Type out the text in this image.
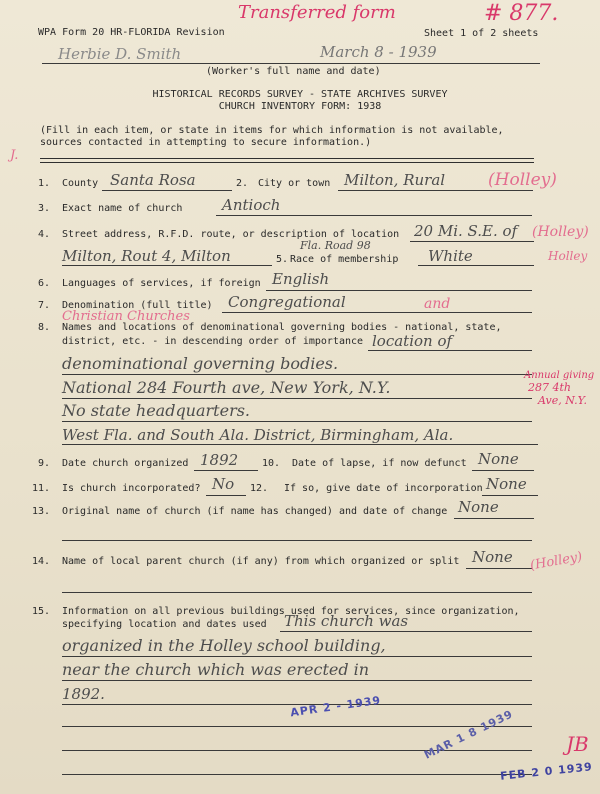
WPA Form 20 HR-FLORIDA Revision	Sheet 1 of 2 sheets
Transferred form	# 877.
Herbie D. Smith	March 8 - 1939
(Worker's full name and date)
HISTORICAL RECORDS SURVEY - STATE ARCHIVES SURVEY
CHURCH INVENTORY FORM: 1938
(Fill in each item, or state in items for which information is not available,
sources contacted in attempting to secure information.)
J.
1. County Santa Rosa	2. City or town Milton, Rural	(Holley)
3. Exact name of church	Antioch
4. Street address, R.F.D. route, or description of location 20 Mi. S.E. of (Holley)
Fla. Road 98
Milton, Rout 4, Milton	5. Race of membership White	Holley
6. Languages of services, if foreign English
7. Denomination (full title) Congregational	and
Christian Churches
8. Names and locations of denominational governing bodies - national, state,
district, etc. - in descending order of importance location of
denominational governing bodies.
National 284 Fourth ave, New York, N.Y.
No state headquarters.
West Fla. and South Ala. District, Birmingham, Ala.
Annual giving
287 4th
Ave, N.Y.
9. Date church organized 1892 10. Date of lapse, if now defunct None
11. Is church incorporated? No 12. If so, give date of incorporation None
13. Original name of church (if name has changed) and date of change None
14. Name of local parent church (if any) from which organized or split None
15. Information on all previous buildings used for services, since organization,
specifying location and dates used This church was
organized in the Holley school building,
near the church which was erected in
1892.	APR 2 - 1939
MAR 1 8 1939
FEB 2 0 1939
(Holley)
JB
